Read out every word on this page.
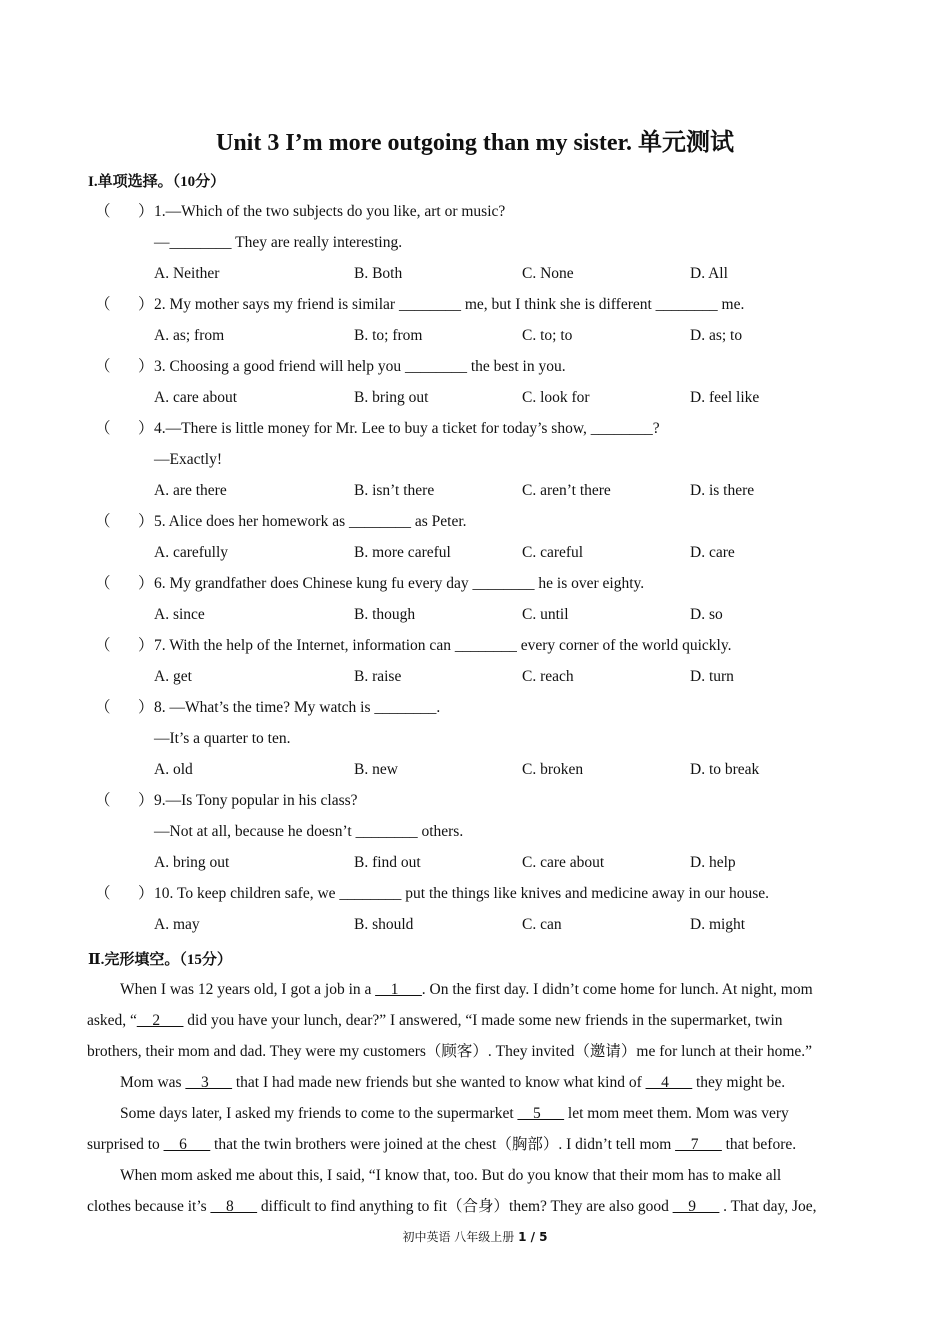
Unit 3 I’m more outgoing than my sister. 单元测试
I.单项选择。（10分）
（ ） 1.—Which of the two subjects do you like, art or music?
—________ They are really interesting.
A. Neither	B. Both	C. None	D. All
（ ） 2. My mother says my friend is similar ________ me, but I think she is different ________ me.
A. as; from	B. to; from	C. to; to	D. as; to
（ ） 3. Choosing a good friend will help you ________ the best in you.
A. care about	B. bring out	C. look for	D. feel like
（ ） 4.—There is little money for Mr. Lee to buy a ticket for today’s show, ________?
—Exactly!
A. are there	B. isn’t there	C. aren’t there	D. is there
（ ） 5. Alice does her homework as ________ as Peter.
A. carefully	B. more careful	C. careful	D. care
（ ） 6. My grandfather does Chinese kung fu every day ________ he is over eighty.
A. since	B. though	C. until	D. so
（ ） 7. With the help of the Internet, information can ________ every corner of the world quickly.
A. get	B. raise	C. reach	D. turn
（ ） 8. —What’s the time? My watch is ________.
—It’s a quarter to ten.
A. old	B. new	C. broken	D. to break
（ ） 9.—Is Tony popular in his class?
—Not at all, because he doesn’t ________ others.
A. bring out	B. find out	C. care about	D. help
（ ） 10. To keep children safe, we ________ put the things like knives and medicine away in our house.
A. may	B. should	C. can	D. might
Ⅱ.完形填空。（15分）
When I was 12 years old, I got a job in a __1___. On the first day. I didn’t come home for lunch. At night, mom
asked, “__2___ did you have your lunch, dear?” I answered, “I made some new friends in the supermarket, twin
brothers, their mom and dad. They were my customers（顾客）. They invited（邀请）me for lunch at their home.”
Mom was __3___ that I had made new friends but she wanted to know what kind of __4___ they might be.
Some days later, I asked my friends to come to the supermarket __5___ let mom meet them. Mom was very
surprised to __6___ that the twin brothers were joined at the chest（胸部）. I didn’t tell mom __7___ that before.
When mom asked me about this, I said, “I know that, too. But do you know that their mom has to make all
clothes because it’s __8___ difficult to find anything to fit（合身）them? They are also good __9___ . That day, Joe,
初中英语 八年级上册 1 / 5
